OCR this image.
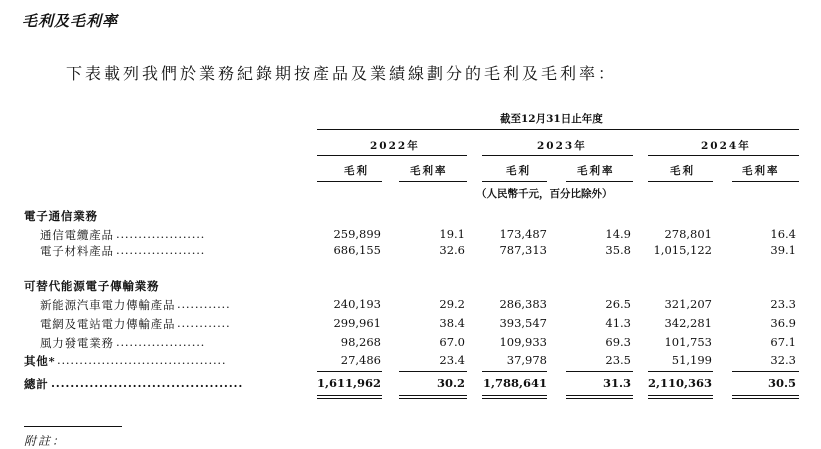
毛利及毛利率
下表載列我們於業務紀錄期按產品及業績線劃分的毛利及毛利率：
截至12月31日止年度
2022年	2023年	2024年
毛利	毛利率	毛利	毛利率	毛利	毛利率
（人民幣千元，百分比除外）
電子通信業務
通信電纜產品 ....................	259,899	19.1	173,487	14.9	278,801	16.4
電子材料產品 ....................	686,155	32.6	787,313	35.8 1,015,122	39.1
可替代能源電子傳輸業務
新能源汽車電力傳輸產品 ............	240,193	29.2	286,383	26.5	321,207	23.3
電網及電站電力傳輸產品 ............	299,961	38.4	393,547	41.3	342,281	36.9
風力發電業務 ....................	98,268	67.0	109,933	69.3	101,753	67.1
其他* ......................................	27,486	23.4	37,978	23.5	51,199	32.3
總計 ........................................	1,611,962	30.2 1,788,641	31.3 2,110,363	30.5
附註：
